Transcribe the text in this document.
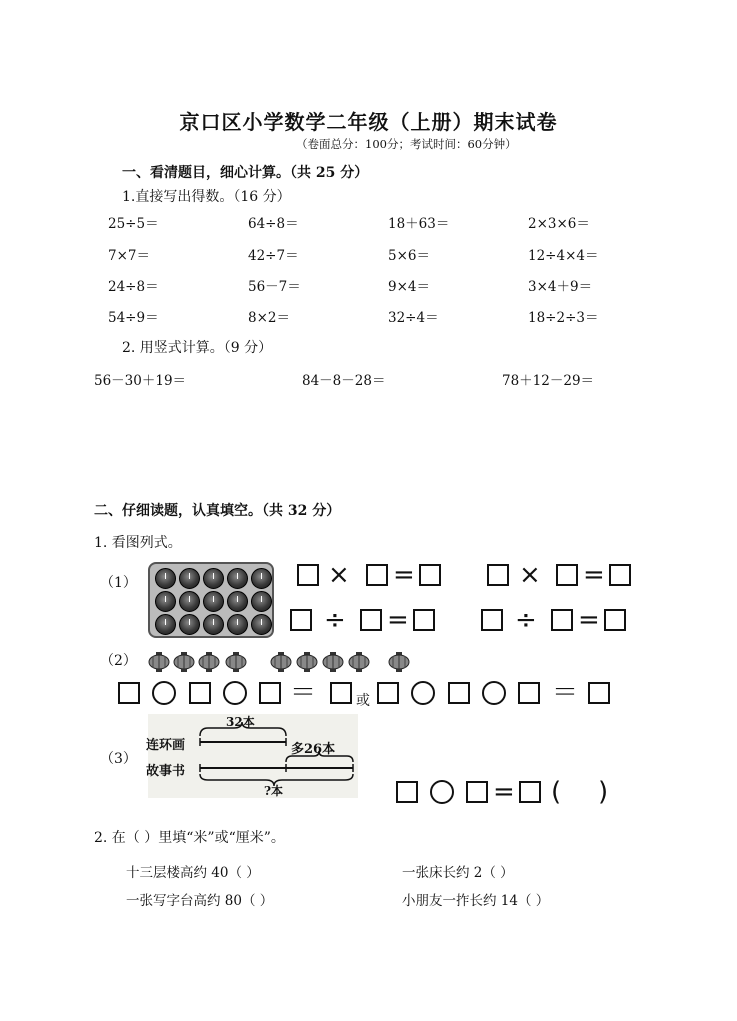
京口区小学数学二年级（上册）期末试卷
（卷面总分：100分；考试时间：60分钟）
一、看清题目，细心计算。（共 25 分）
1.直接写出得数。（16 分）
25÷5＝	64÷8＝	18＋63＝	2×3×6＝
7×7＝	42÷7＝	5×6＝	12÷4×4＝
24÷8＝	56－7＝	9×4＝	3×4＋9＝
54÷9＝	8×2＝	32÷4＝	18÷2÷3＝
2. 用竖式计算。（9 分）
56－30＋19＝	84－8－28＝	78＋12－29＝
二、仔细读题，认真填空。（共 32 分）
1. 看图列式。
（1）	× =	× =
÷ =	÷ =
（2）
＝	或	＝
（3）
32本
连环画
故事书
多26本
?本	= ( )
2. 在（ ）里填“米”或“厘米”。
十三层楼高约 40（ ）	一张床长约 2（ ）
一张写字台高约 80（ ）	小朋友一拃长约 14（ ）
